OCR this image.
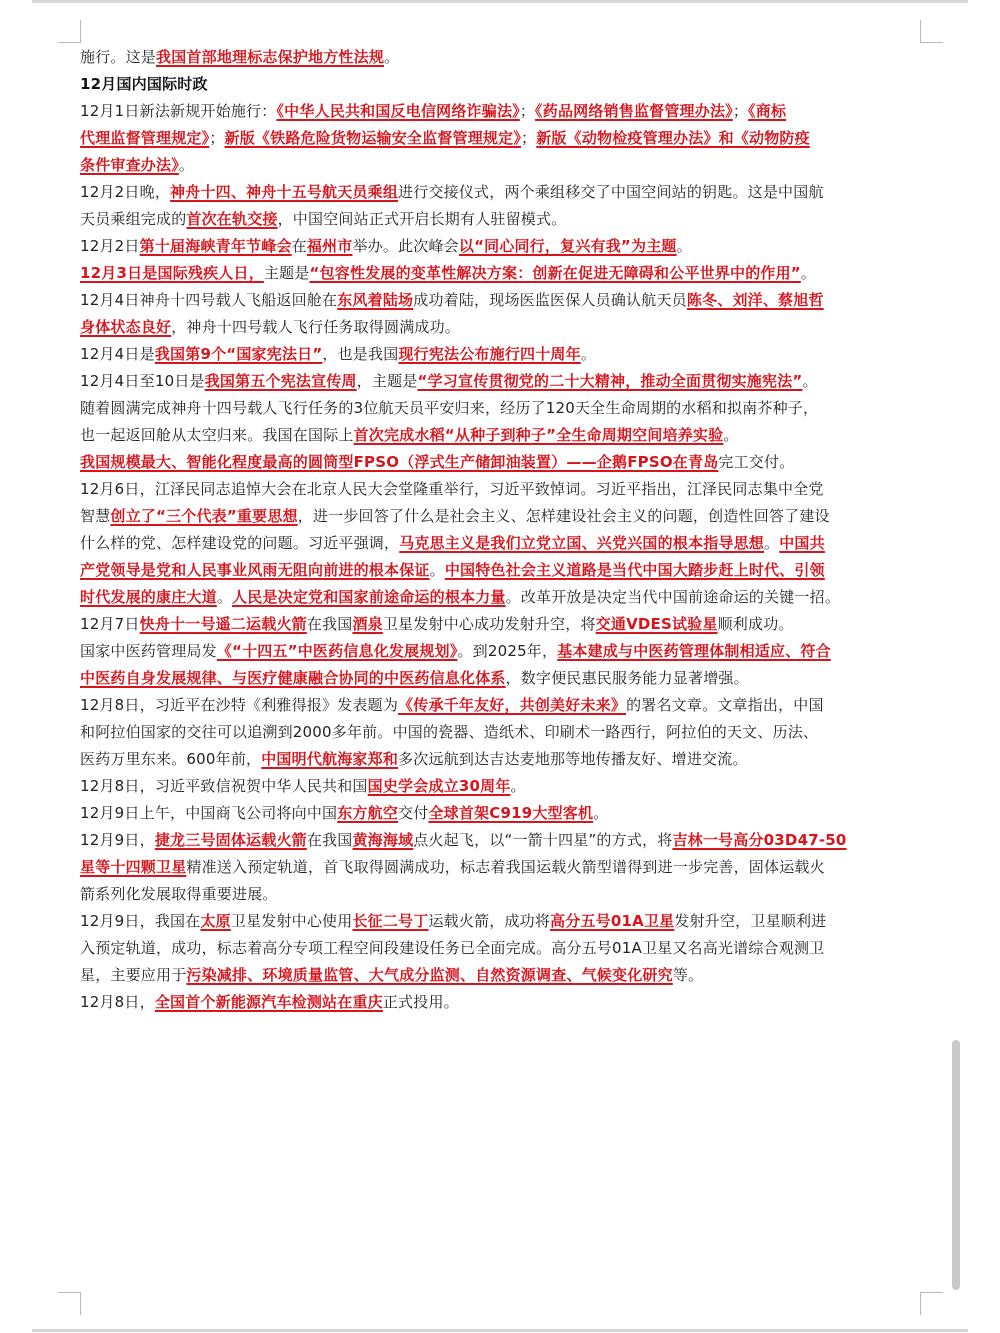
施行。这是我国首部地理标志保护地方性法规。
12月国内国际时政
12月1日新法新规开始施行：《中华人民共和国反电信网络诈骗法》；《药品网络销售监督管理办法》；《商标
代理监督管理规定》；新版《铁路危险货物运输安全监督管理规定》；新版《动物检疫管理办法》和《动物防疫
条件审查办法》。
12月2日晚，神舟十四、神舟十五号航天员乘组进行交接仪式，两个乘组移交了中国空间站的钥匙。这是中国航
天员乘组完成的首次在轨交接，中国空间站正式开启长期有人驻留模式。
12月2日第十届海峡青年节峰会在福州市举办。此次峰会以“同心同行，复兴有我”为主题。
12月3日是国际残疾人日，主题是“包容性发展的变革性解决方案：创新在促进无障碍和公平世界中的作用”。
12月4日神舟十四号载人飞船返回舱在东风着陆场成功着陆，现场医监医保人员确认航天员陈冬、刘洋、蔡旭哲
身体状态良好，神舟十四号载人飞行任务取得圆满成功。
12月4日是我国第9个“国家宪法日”，也是我国现行宪法公布施行四十周年。
12月4日至10日是我国第五个宪法宣传周，主题是“学习宣传贯彻党的二十大精神，推动全面贯彻实施宪法”。
随着圆满完成神舟十四号载人飞行任务的3位航天员平安归来，经历了120天全生命周期的水稻和拟南芥种子，
也一起返回舱从太空归来。我国在国际上首次完成水稻“从种子到种子”全生命周期空间培养实验。
我国规模最大、智能化程度最高的圆筒型FPSO（浮式生产储卸油装置）——企鹅FPSO在青岛完工交付。
12月6日，江泽民同志追悼大会在北京人民大会堂隆重举行，习近平致悼词。习近平指出，江泽民同志集中全党
智慧创立了“三个代表”重要思想，进一步回答了什么是社会主义、怎样建设社会主义的问题，创造性回答了建设
什么样的党、怎样建设党的问题。习近平强调，马克思主义是我们立党立国、兴党兴国的根本指导思想。中国共
产党领导是党和人民事业风雨无阻向前进的根本保证。中国特色社会主义道路是当代中国大踏步赶上时代、引领
时代发展的康庄大道。人民是决定党和国家前途命运的根本力量。改革开放是决定当代中国前途命运的关键一招。
12月7日快舟十一号遥二运载火箭在我国酒泉卫星发射中心成功发射升空，将交通VDES试验星顺利成功。
国家中医药管理局发《“十四五”中医药信息化发展规划》。到2025年，基本建成与中医药管理体制相适应、符合
中医药自身发展规律、与医疗健康融合协同的中医药信息化体系，数字便民惠民服务能力显著增强。
12月8日，习近平在沙特《利雅得报》发表题为《传承千年友好，共创美好未来》的署名文章。文章指出，中国
和阿拉伯国家的交往可以追溯到2000多年前。中国的瓷器、造纸术、印刷术一路西行，阿拉伯的天文、历法、
医药万里东来。600年前，中国明代航海家郑和多次远航到达吉达麦地那等地传播友好、增进交流。
12月8日，习近平致信祝贺中华人民共和国国史学会成立30周年。
12月9日上午，中国商飞公司将向中国东方航空交付全球首架C919大型客机。
12月9日，捷龙三号固体运载火箭在我国黄海海域点火起飞，以“一箭十四星”的方式，将吉林一号高分03D47-50
星等十四颗卫星精准送入预定轨道，首飞取得圆满成功，标志着我国运载火箭型谱得到进一步完善，固体运载火
箭系列化发展取得重要进展。
12月9日，我国在太原卫星发射中心使用长征二号丁运载火箭，成功将高分五号01A卫星发射升空，卫星顺利进
入预定轨道，成功，标志着高分专项工程空间段建设任务已全面完成。高分五号01A卫星又名高光谱综合观测卫
星，主要应用于污染减排、环境质量监管、大气成分监测、自然资源调查、气候变化研究等。
12月8日，全国首个新能源汽车检测站在重庆正式投用。
